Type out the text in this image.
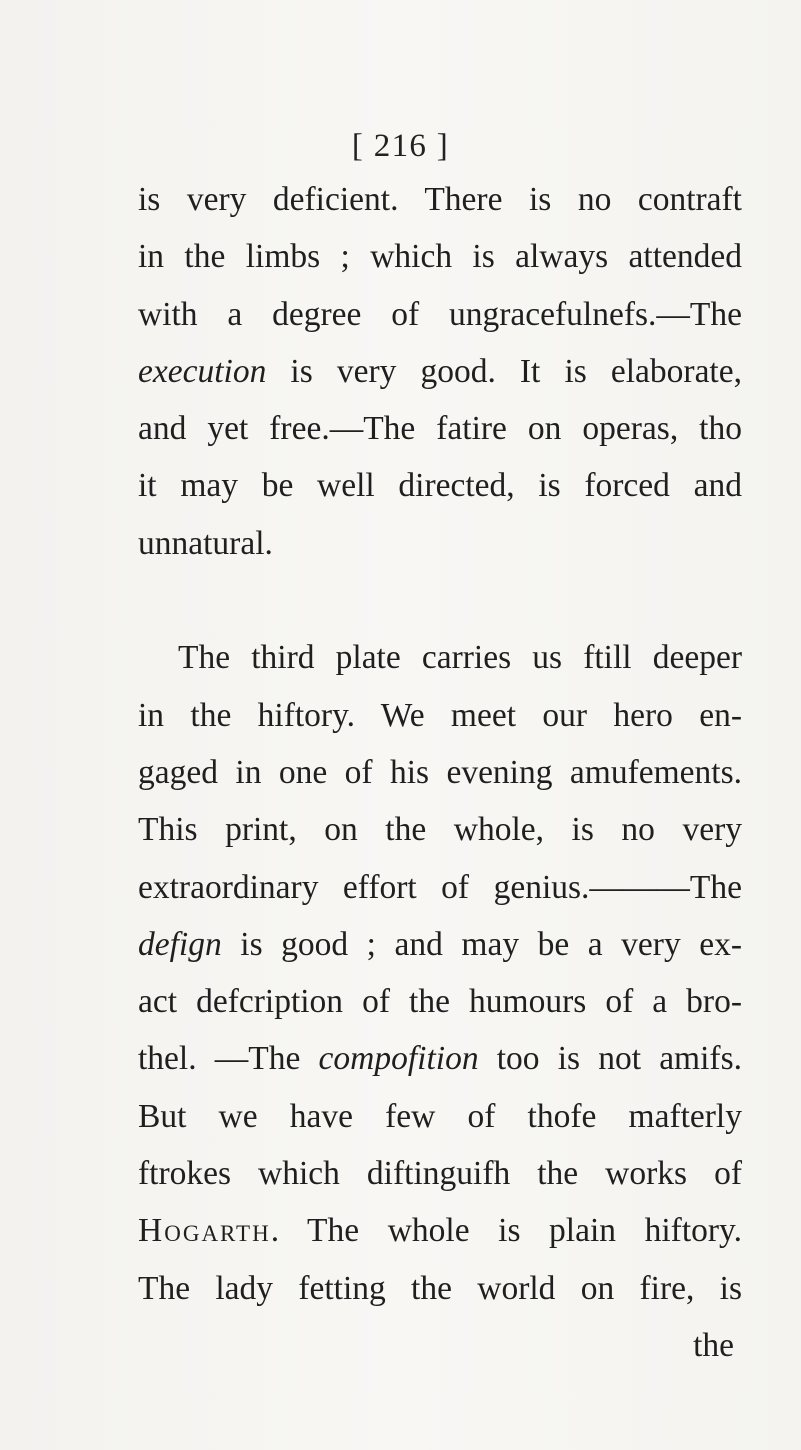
[ 216 ]
is very deficient. There is no contraft
in the limbs ; which is always attended
with a degree of ungracefulnefs.—The
execution is very good. It is elaborate,
and yet free.—The fatire on operas, tho
it may be well directed, is forced and
unnatural.
The third plate carries us ftill deeper
in the hiftory. We meet our hero en-
gaged in one of his evening amufements.
This print, on the whole, is no very
extraordinary effort of genius.———The
defign is good ; and may be a very ex-
act defcription of the humours of a bro-
thel. —The compofition too is not amifs.
But we have few of thofe mafterly
ftrokes which diftinguifh the works of
Hogarth. The whole is plain hiftory.
The lady fetting the world on fire, is
the
